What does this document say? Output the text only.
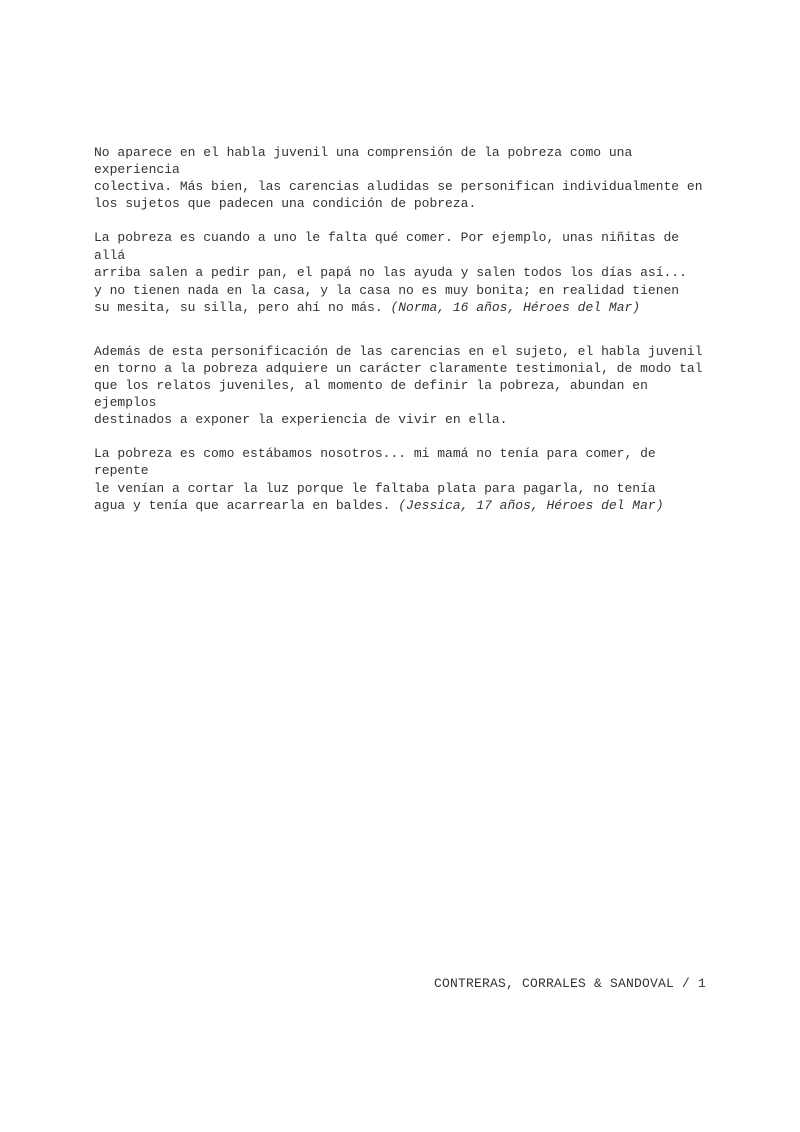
No aparece en el habla juvenil una comprensión de la pobreza como una experiencia
colectiva. Más bien, las carencias aludidas se personifican individualmente en
los sujetos que padecen una condición de pobreza.

La pobreza es cuando a uno le falta qué comer. Por ejemplo, unas niñitas de allá
arriba salen a pedir pan, el papá no las ayuda y salen todos los días así...
y no tienen nada en la casa, y la casa no es muy bonita; en realidad tienen
su mesita, su silla, pero ahí no más. (Norma, 16 años, Héroes del Mar)

Además de esta personificación de las carencias en el sujeto, el habla juvenil
en torno a la pobreza adquiere un carácter claramente testimonial, de modo tal
que los relatos juveniles, al momento de definir la pobreza, abundan en ejemplos
destinados a exponer la experiencia de vivir en ella.

La pobreza es como estábamos nosotros... mi mamá no tenía para comer, de repente
le venían a cortar la luz porque le faltaba plata para pagarla, no tenía
agua y tenía que acarrearla en baldes. (Jessica, 17 años, Héroes del Mar)

CONTRERAS, CORRALES & SANDOVAL / 1
